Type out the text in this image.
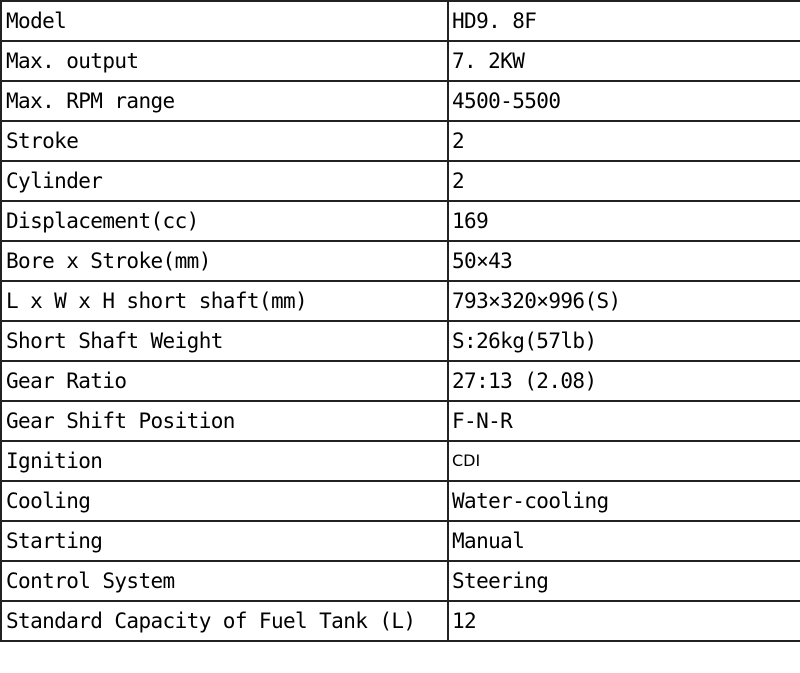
Model	HD9. 8F
Max. output	7. 2KW
Max. RPM range	4500-5500
Stroke	2
Cylinder	2
Displacement(cc)	169
Bore x Stroke(mm)	50×43
L x W x H short shaft(mm)	793×320×996(S)
Short Shaft Weight	S:26kg(57lb)
Gear Ratio	27:13 (2.08)
Gear Shift Position	F-N-R
Ignition	CDI
Cooling	Water-cooling
Starting	Manual
Control System	Steering
Standard Capacity of Fuel Tank (L)	12
